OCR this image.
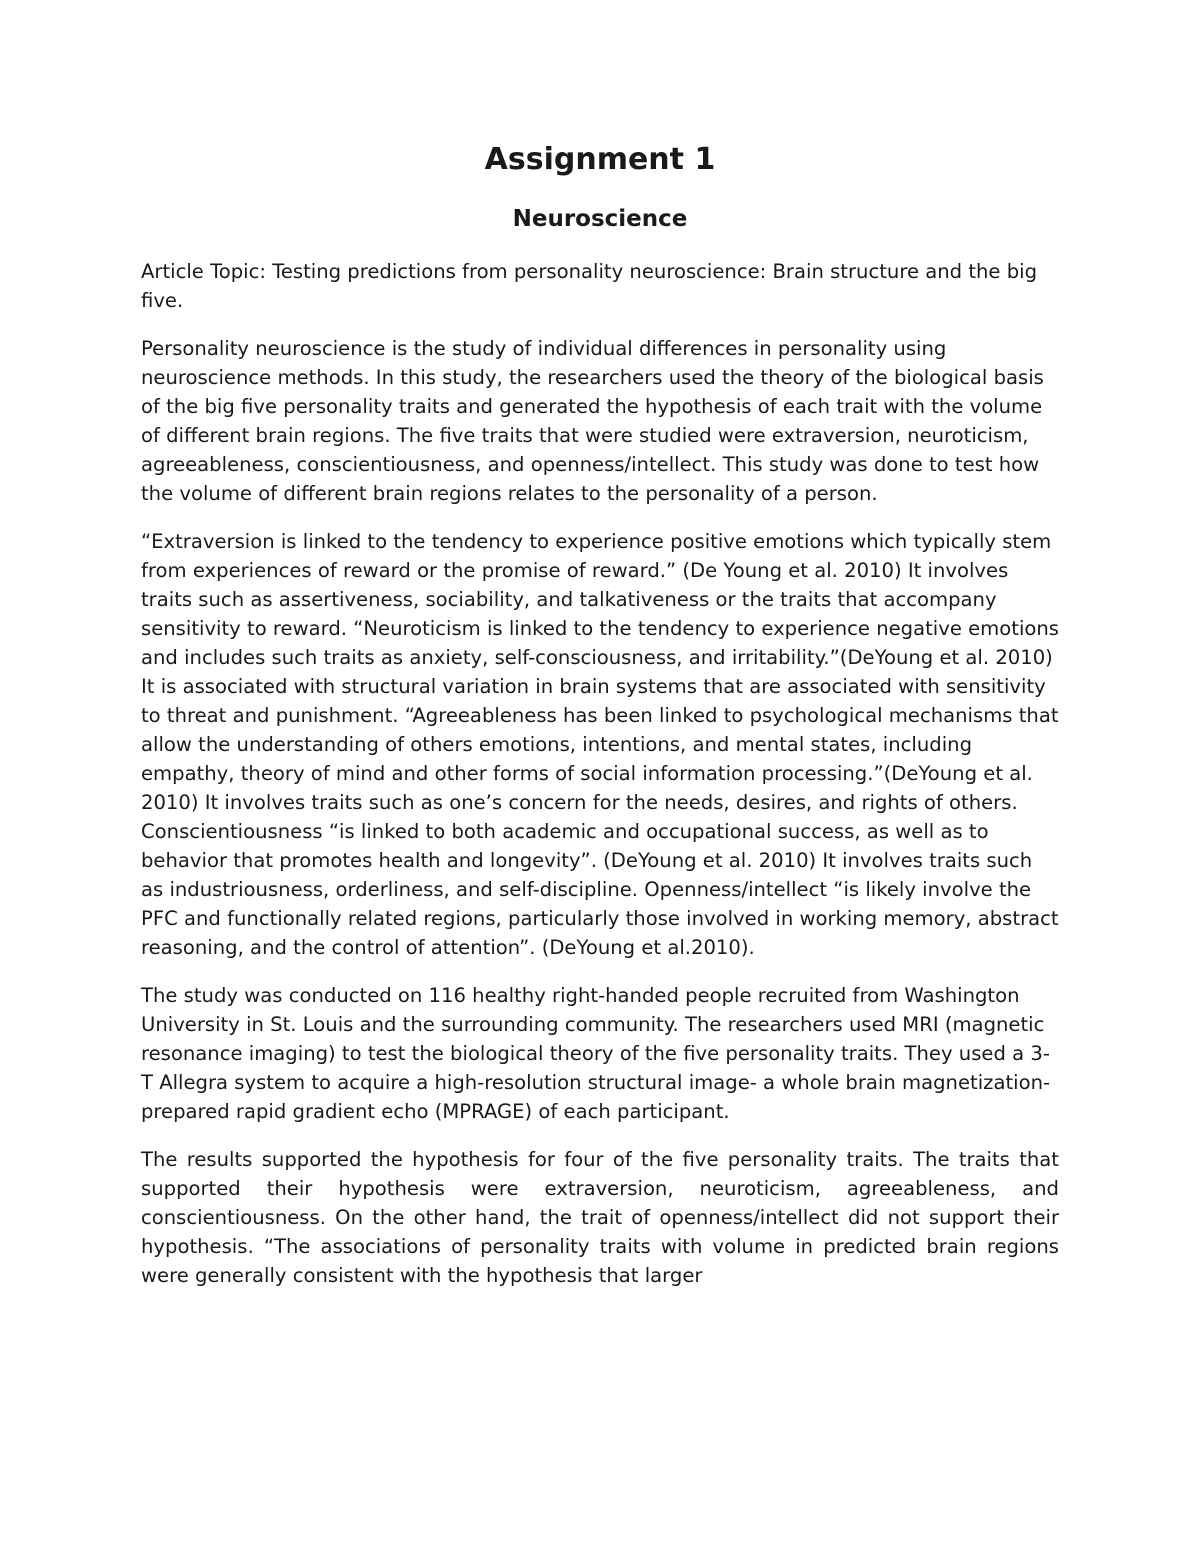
Assignment 1
Neuroscience

Article Topic: Testing predictions from personality neuroscience: Brain structure and the big five.

Personality neuroscience is the study of individual differences in personality using neuroscience methods. In this study, the researchers used the theory of the biological basis of the big five personality traits and generated the hypothesis of each trait with the volume of different brain regions. The five traits that were studied were extraversion, neuroticism, agreeableness, conscientiousness, and openness/intellect. This study was done to test how the volume of different brain regions relates to the personality of a person.

“Extraversion is linked to the tendency to experience positive emotions which typically stem from experiences of reward or the promise of reward.” (De Young et al. 2010) It involves traits such as assertiveness, sociability, and talkativeness or the traits that accompany sensitivity to reward. “Neuroticism is linked to the tendency to experience negative emotions and includes such traits as anxiety, self-consciousness, and irritability.”(DeYoung et al. 2010) It is associated with structural variation in brain systems that are associated with sensitivity to threat and punishment. “Agreeableness has been linked to psychological mechanisms that allow the understanding of others emotions, intentions, and mental states, including empathy, theory of mind and other forms of social information processing.”(DeYoung et al. 2010) It involves traits such as one’s concern for the needs, desires, and rights of others. Conscientiousness “is linked to both academic and occupational success, as well as to behavior that promotes health and longevity”. (DeYoung et al. 2010) It involves traits such as industriousness, orderliness, and self-discipline. Openness/intellect “is likely involve the PFC and functionally related regions, particularly those involved in working memory, abstract reasoning, and the control of attention”. (DeYoung et al.2010).

The study was conducted on 116 healthy right-handed people recruited from Washington University in St. Louis and the surrounding community. The researchers used MRI (magnetic resonance imaging) to test the biological theory of the five personality traits. They used a 3-T Allegra system to acquire a high-resolution structural image- a whole brain magnetization-prepared rapid gradient echo (MPRAGE) of each participant.

The results supported the hypothesis for four of the five personality traits. The traits that supported their hypothesis were extraversion, neuroticism, agreeableness, and conscientiousness. On the other hand, the trait of openness/intellect did not support their hypothesis. “The associations of personality traits with volume in predicted brain regions were generally consistent with the hypothesis that larger
